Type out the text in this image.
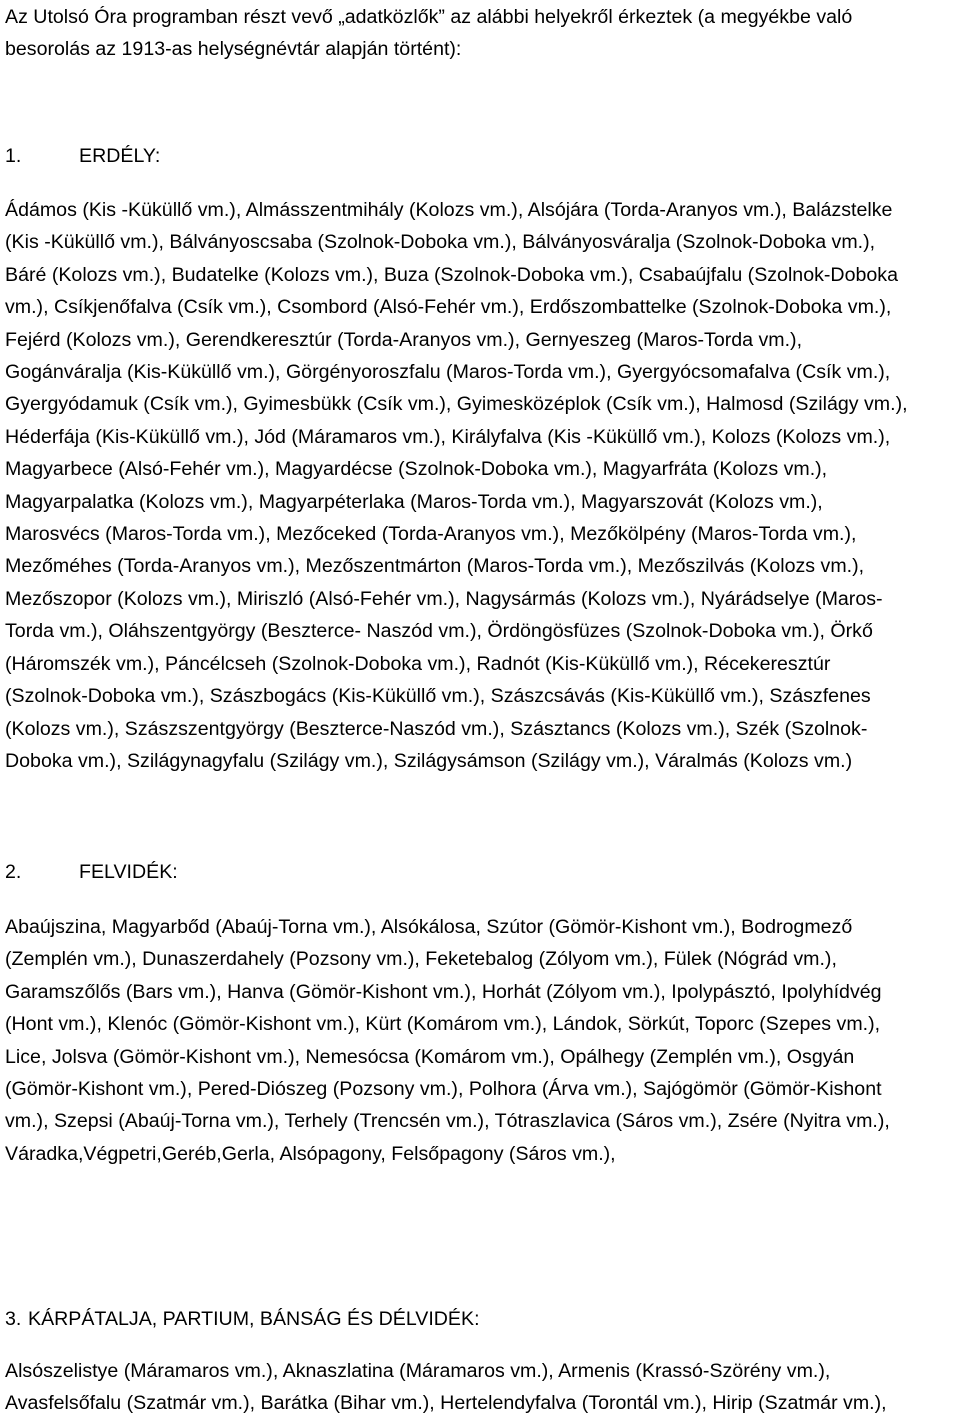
Az Utolsó Óra programban részt vevő „adatközlők” az alábbi helyekről érkeztek (a megyékbe való
besorolás az 1913-as helységnévtár alapján történt):
1.	ERDÉLY:
Ádámos (Kis -Küküllő vm.), Almásszentmihály (Kolozs vm.), Alsójára (Torda-Aranyos vm.), Balázstelke
(Kis -Küküllő vm.), Bálványoscsaba (Szolnok-Doboka vm.), Bálványosváralja (Szolnok-Doboka vm.),
Báré (Kolozs vm.), Budatelke (Kolozs vm.), Buza (Szolnok-Doboka vm.), Csabaújfalu (Szolnok-Doboka
vm.), Csíkjenőfalva (Csík vm.), Csombord (Alsó-Fehér vm.), Erdőszombattelke (Szolnok-Doboka vm.),
Fejérd (Kolozs vm.), Gerendkeresztúr (Torda-Aranyos vm.), Gernyeszeg (Maros-Torda vm.),
Gogánváralja (Kis-Küküllő vm.), Görgényoroszfalu (Maros-Torda vm.), Gyergyócsomafalva (Csík vm.),
Gyergyódamuk (Csík vm.), Gyimesbükk (Csík vm.), Gyimesközéplok (Csík vm.), Halmosd (Szilágy vm.),
Héderfája (Kis-Küküllő vm.), Jód (Máramaros vm.), Királyfalva (Kis -Küküllő vm.), Kolozs (Kolozs vm.),
Magyarbece (Alsó-Fehér vm.), Magyardécse (Szolnok-Doboka vm.), Magyarfráta (Kolozs vm.),
Magyarpalatka (Kolozs vm.), Magyarpéterlaka (Maros-Torda vm.), Magyarszovát (Kolozs vm.),
Marosvécs (Maros-Torda vm.), Mezőceked (Torda-Aranyos vm.), Mezőkölpény (Maros-Torda vm.),
Mezőméhes (Torda-Aranyos vm.), Mezőszentmárton (Maros-Torda vm.), Mezőszilvás (Kolozs vm.),
Mezőszopor (Kolozs vm.), Miriszló (Alsó-Fehér vm.), Nagysármás (Kolozs vm.), Nyárádselye (Maros-
Torda vm.), Oláhszentgyörgy (Beszterce- Naszód vm.), Ördöngösfüzes (Szolnok-Doboka vm.), Örkő
(Háromszék vm.), Páncélcseh (Szolnok-Doboka vm.), Radnót (Kis-Küküllő vm.), Récekeresztúr
(Szolnok-Doboka vm.), Szászbogács (Kis-Küküllő vm.), Szászcsávás (Kis-Küküllő vm.), Szászfenes
(Kolozs vm.), Szászszentgyörgy (Beszterce-Naszód vm.), Szásztancs (Kolozs vm.), Szék (Szolnok-
Doboka vm.), Szilágynagyfalu (Szilágy vm.), Szilágysámson (Szilágy vm.), Váralmás (Kolozs vm.)
2.	FELVIDÉK:
Abaújszina, Magyarbőd (Abaúj-Torna vm.), Alsókálosa, Szútor (Gömör-Kishont vm.), Bodrogmező
(Zemplén vm.), Dunaszerdahely (Pozsony vm.), Feketebalog (Zólyom vm.), Fülek (Nógrád vm.),
Garamszőlős (Bars vm.), Hanva (Gömör-Kishont vm.), Horhát (Zólyom vm.), Ipolypásztó, Ipolyhídvég
(Hont vm.), Klenóc (Gömör-Kishont vm.), Kürt (Komárom vm.), Lándok, Sörkút, Toporc (Szepes vm.),
Lice, Jolsva (Gömör-Kishont vm.), Nemesócsa (Komárom vm.), Opálhegy (Zemplén vm.), Osgyán
(Gömör-Kishont vm.), Pered-Diószeg (Pozsony vm.), Polhora (Árva vm.), Sajógömör (Gömör-Kishont
vm.), Szepsi (Abaúj-Torna vm.), Terhely (Trencsén vm.), Tótraszlavica (Sáros vm.), Zsére (Nyitra vm.),
Váradka,Végpetri,Geréb,Gerla, Alsópagony, Felsőpagony (Sáros vm.),
3. KÁRPÁTALJA, PARTIUM, BÁNSÁG ÉS DÉLVIDÉK:
Alsószelistye (Máramaros vm.), Aknaszlatina (Máramaros vm.), Armenis (Krassó-Szörény vm.),
Avasfelsőfalu (Szatmár vm.), Barátka (Bihar vm.), Hertelendyfalva (Torontál vm.), Hirip (Szatmár vm.),
